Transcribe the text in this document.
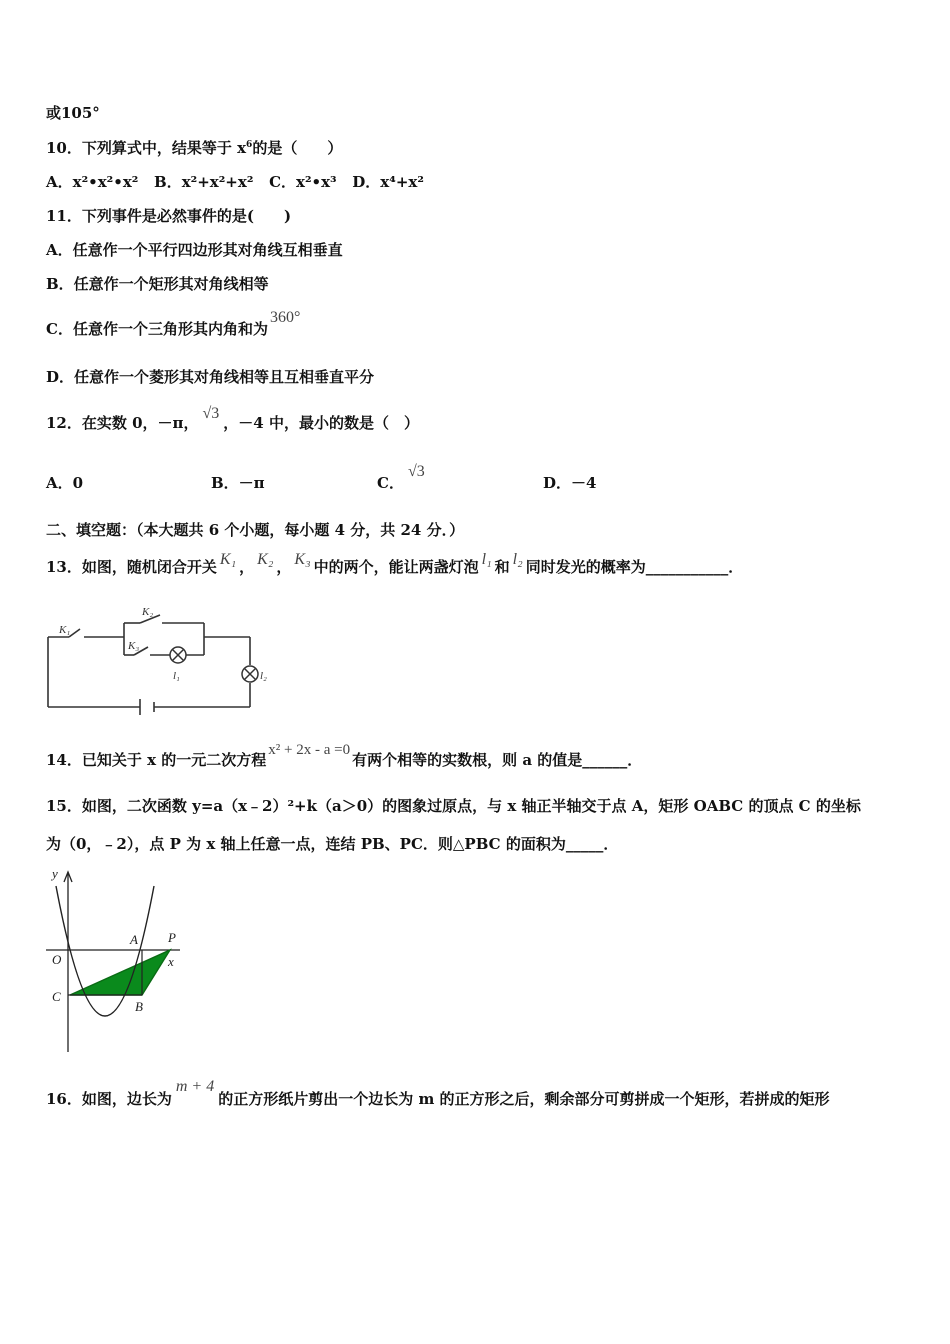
或105°
10．下列算式中，结果等于 $x^6$的是（　　）
A．x²•x²•x² B．x²+x²+x² C．x²•x³ D．x⁴+x²
11．下列事件是必然事件的是(　　)
A．任意作一个平行四边形其对角线互相垂直
B．任意作一个矩形其对角线相等
C．任意作一个三角形其内角和为360°
D．任意作一个菱形其对角线相等且互相垂直平分
12．在实数 0，－π，√3，－4 中，最小的数是（　）
A．0	B．－π	C．√3
D．－4
二、填空题：（本大题共 6 个小题，每小题 4 分，共 24 分．）
13．如图，随机闭合开关 K₁ ， K₂ ， K₃ 中的两个，能让两盏灯泡 l₁ 和 l₂ 同时发光的概率为___________．
K₁
K₂
K₃
l₁	l₂
14．已知关于 x 的一元二次方程x² + 2x - a =0有两个相等的实数根，则 a 的值是______．
15．如图，二次函数 y=a（x﹣2）²+k（a＞0）的图象过原点，与 x 轴正半轴交于点 A，矩形 OABC 的顶点 C 的坐标
为（0，﹣2），点 P 为 x 轴上任意一点，连结 PB、PC．则△PBC 的面积为_____．
y
x
O
A P
C
B
16．如图，边长为m + 4的正方形纸片剪出一个边长为 m 的正方形之后，剩余部分可剪拼成一个矩形，若拼成的矩形
